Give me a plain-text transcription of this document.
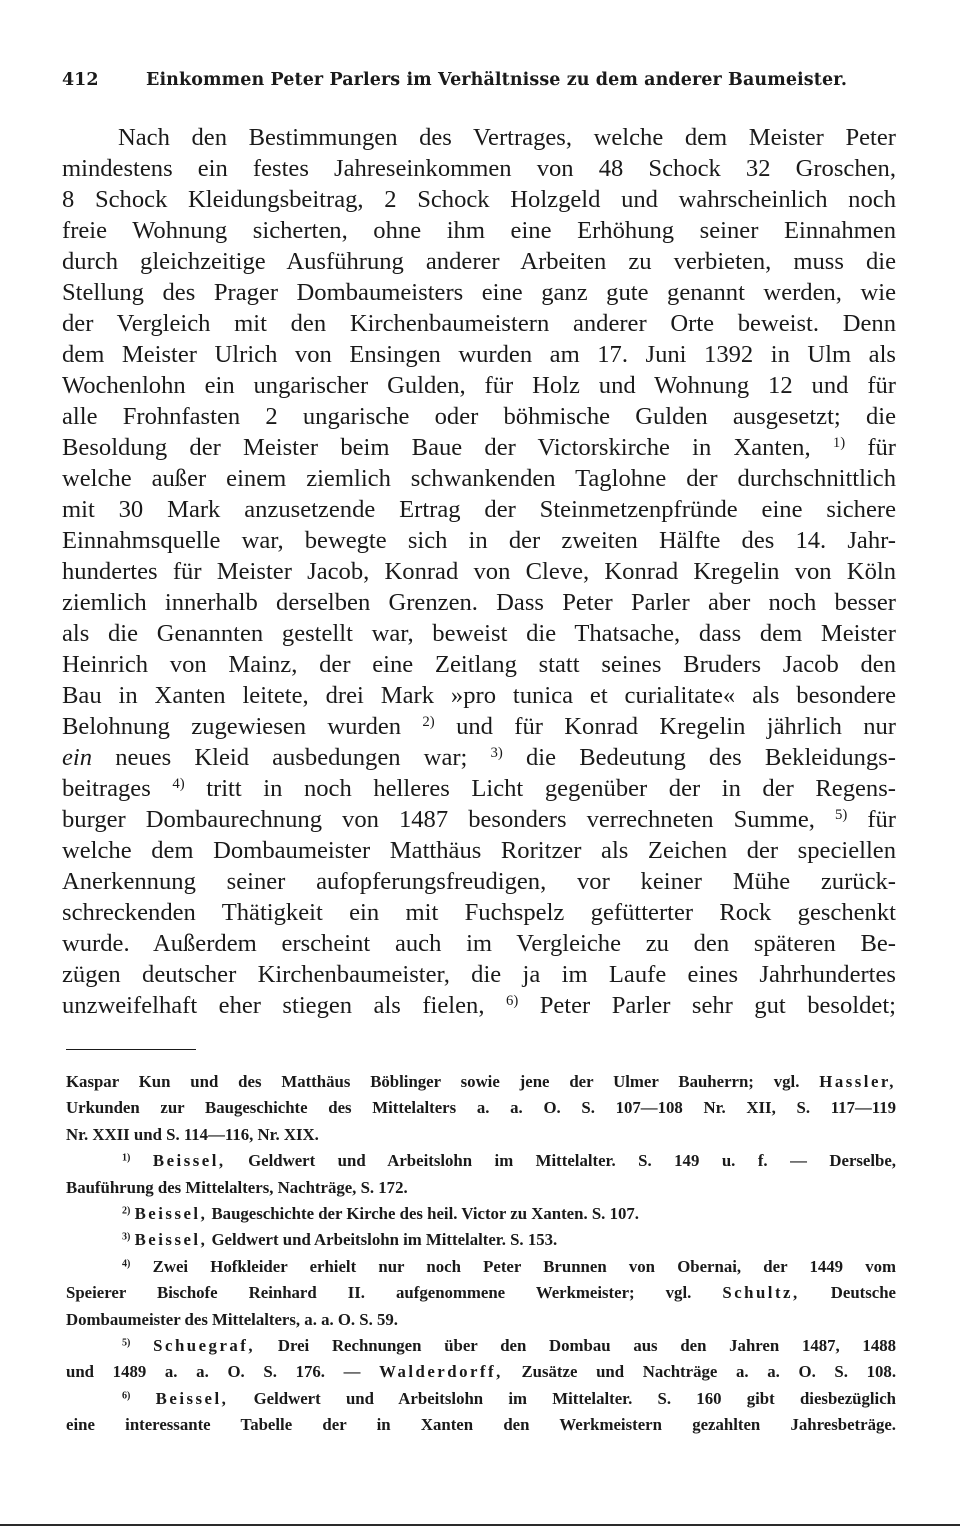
412	Einkommen Peter Parlers im Verhältnisse zu dem anderer Baumeister.
Nach den Bestimmungen des Vertrages, welche dem Meister Peter
mindestens ein festes Jahreseinkommen von 48 Schock 32 Groschen,
8 Schock Kleidungsbeitrag, 2 Schock Holzgeld und wahrscheinlich noch
freie Wohnung sicherten, ohne ihm eine Erhöhung seiner Einnahmen
durch gleichzeitige Ausführung anderer Arbeiten zu verbieten, muss die
Stellung des Prager Dombaumeisters eine ganz gute genannt werden, wie
der Vergleich mit den Kirchenbaumeistern anderer Orte beweist. Denn
dem Meister Ulrich von Ensingen wurden am 17. Juni 1392 in Ulm als
Wochenlohn ein ungarischer Gulden, für Holz und Wohnung 12 und für
alle Frohnfasten 2 ungarische oder böhmische Gulden ausgesetzt; die
Besoldung der Meister beim Baue der Victorskirche in Xanten, $^{1)}$ für
welche außer einem ziemlich schwankenden Taglohne der durchschnittlich
mit 30 Mark anzusetzende Ertrag der Steinmetzenpfründe eine sichere
Einnahmsquelle war, bewegte sich in der zweiten Hälfte des 14. Jahr-
hundertes für Meister Jacob, Konrad von Cleve, Konrad Kregelin von Köln
ziemlich innerhalb derselben Grenzen. Dass Peter Parler aber noch besser
als die Genannten gestellt war, beweist die Thatsache, dass dem Meister
Heinrich von Mainz, der eine Zeitlang statt seines Bruders Jacob den
Bau in Xanten leitete, drei Mark »pro tunica et curialitate« als besondere
Belohnung zugewiesen wurden $^{2)}$ und für Konrad Kregelin jährlich nur
ein neues Kleid ausbedungen war; $^{3)}$ die Bedeutung des Bekleidungs-
beitrages $^{4)}$ tritt in noch helleres Licht gegenüber der in der Regens-
burger Dombaurechnung von 1487 besonders verrechneten Summe, $^{5)}$ für
welche dem Dombaumeister Matthäus Roritzer als Zeichen der speciellen
Anerkennung seiner aufopferungsfreudigen, vor keiner Mühe zurück-
schreckenden Thätigkeit ein mit Fuchspelz gefütterter Rock geschenkt
wurde. Außerdem erscheint auch im Vergleiche zu den späteren Be-
zügen deutscher Kirchenbaumeister, die ja im Laufe eines Jahrhundertes
unzweifelhaft eher stiegen als fielen, $^{6)}$ Peter Parler sehr gut besoldet;
Kaspar Kun und des Matthäus Böblinger sowie jene der Ulmer Bauherrn; vgl. Hassler,
Urkunden zur Baugeschichte des Mittelalters a. a. O. S. 107—108 Nr. XII, S. 117—119
Nr. XXII und S. 114—116, Nr. XIX.
$^{1)}$ Beissel, Geldwert und Arbeitslohn im Mittelalter. S. 149 u. f. — Derselbe,
Bauführung des Mittelalters, Nachträge, S. 172.
$^{2)}$ Beissel, Baugeschichte der Kirche des heil. Victor zu Xanten. S. 107.
$^{3)}$ Beissel, Geldwert und Arbeitslohn im Mittelalter. S. 153.
$^{4)}$ Zwei Hofkleider erhielt nur noch Peter Brunnen von Obernai, der 1449 vom
Speierer Bischofe Reinhard II. aufgenommene Werkmeister; vgl. Schultz, Deutsche
Dombaumeister des Mittelalters, a. a. O. S. 59.
$^{5)}$ Schuegraf, Drei Rechnungen über den Dombau aus den Jahren 1487, 1488
und 1489 a. a. O. S. 176. — Walderdorff, Zusätze und Nachträge a. a. O. S. 108.
$^{6)}$ Beissel, Geldwert und Arbeitslohn im Mittelalter. S. 160 gibt diesbezüglich
eine interessante Tabelle der in Xanten den Werkmeistern gezahlten Jahresbeträge.
